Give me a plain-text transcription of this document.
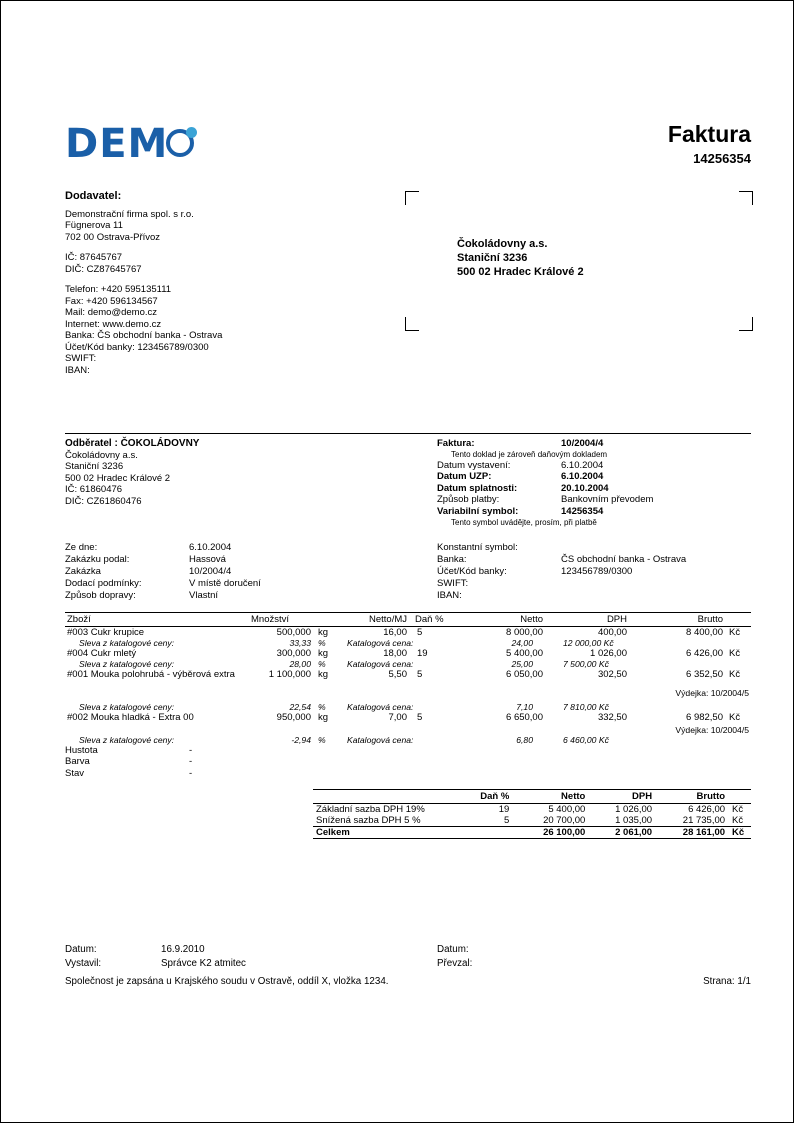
DEM	Faktura
14256354
Dodavatel:
Demonstrační firma spol. s r.o.
Fügnerova 11
702 00 Ostrava-Přívoz
IČ: 87645767
DIČ: CZ87645767
Telefon: +420 595135111
Fax: +420 596134567
Mail: demo@demo.cz
Internet: www.demo.cz
Banka: ČS obchodní banka - Ostrava
Účet/Kód banky: 123456789/0300
SWIFT:
IBAN:
Čokoládovny a.s.
Staniční 3236
500 02 Hradec Králové 2
Odběratel : ČOKOLÁDOVNY
Čokoládovny a.s.
Staniční 3236
500 02 Hradec Králové 2
IČ: 61860476
DIČ: CZ61860476
Faktura:	10/2004/4
Tento doklad je zároveň daňovým dokladem
Datum vystavení:	6.10.2004
Datum UZP:	6.10.2004
Datum splatnosti:	20.10.2004
Způsob platby:	Bankovním převodem
Variabilní symbol:	14256354
Tento symbol uvádějte, prosím, při platbě
Ze dne:	6.10.2004
Zakázku podal:	Hassová
Zakázka	10/2004/4
Dodací podmínky:	V místě doručení
Způsob dopravy:	Vlastní
Konstantní symbol:
Banka:	ČS obchodní banka - Ostrava
Účet/Kód banky:	123456789/0300
SWIFT:
IBAN:
Zboží	Množství		Netto/MJ	Daň %	Netto	DPH	Brutto	
#003 Cukr krupice	500,000	kg	16,00	5	8 000,00	400,00	8 400,00	Kč
Sleva z katalogové ceny:	33,33	%	Katalogová cena:		24,00	12 000,00 Kč		
#004 Cukr mletý	300,000	kg	18,00	19	5 400,00	1 026,00	6 426,00	Kč
Sleva z katalogové ceny:	28,00	%	Katalogová cena:		25,00	7 500,00 Kč		
#001 Mouka polohrubá - výběrová extra	1 100,000	kg	5,50	5	6 050,00	302,50	6 352,50	Kč
Výdejka: 10/2004/5								
Sleva z katalogové ceny:	22,54	%	Katalogová cena:		7,10	7 810,00 Kč		
#002 Mouka hladká - Extra 00	950,000	kg	7,00	5	6 650,00	332,50	6 982,50	Kč
Výdejka: 10/2004/5								
Sleva z katalogové ceny:	-2,94	%	Katalogová cena:		6,80	6 460,00 Kč		
Hustota	-
Barva	-
Stav	-
	Daň %	Netto	DPH	Brutto	
Základní sazba DPH 19%	19	5 400,00	1 026,00	6 426,00	Kč
Snížená sazba DPH 5 %	5	20 700,00	1 035,00	21 735,00	Kč
Celkem		26 100,00	2 061,00	28 161,00	Kč
Datum:	16.9.2010	Datum:
Vystavil:	Správce K2 atmitec	Převzal:
Společnost je zapsána u Krajského soudu v Ostravě, oddíl X, vložka 1234.	Strana: 1/1
